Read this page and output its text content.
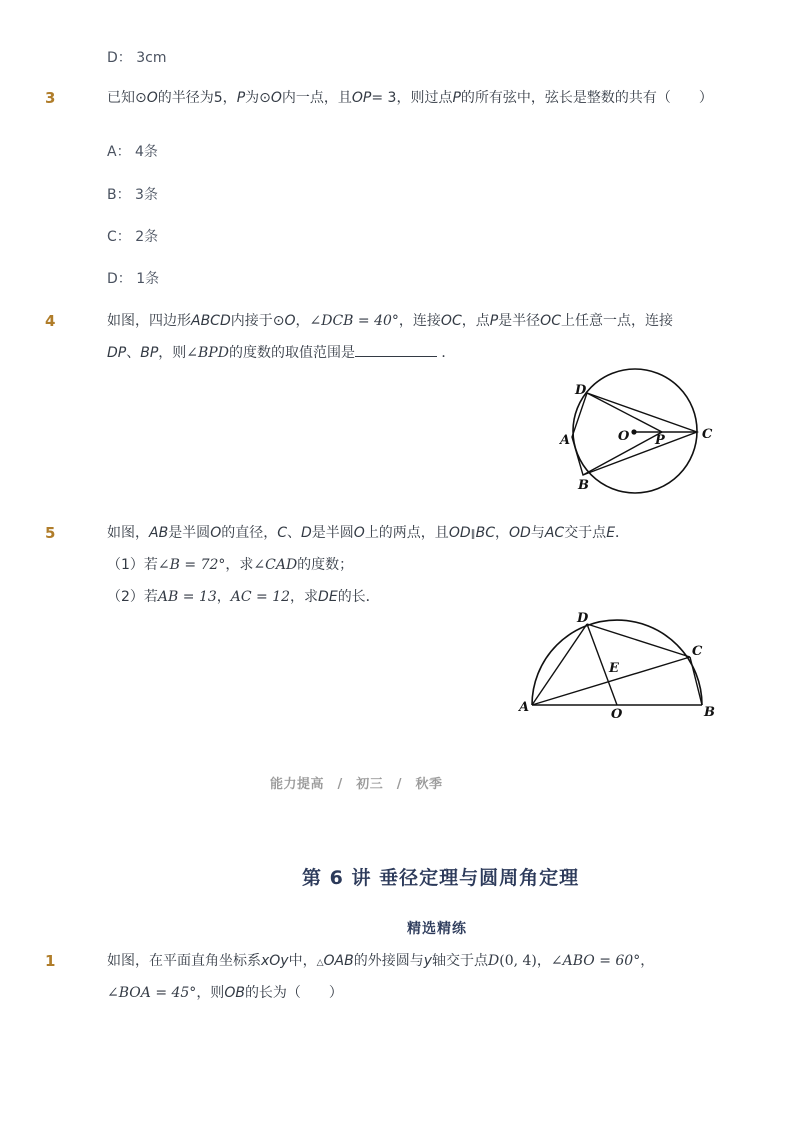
D： 3cm
3	已知⊙O的半径为5，P为⊙O内一点，且OP= 3，则过点P的所有弦中，弦长是整数的共有（　　）
A： 4条
B： 3条
C： 2条
D： 1条
4	如图，四边形ABCD内接于⊙O，∠DCB = 40°，连接OC，点P是半径OC上任意一点，连接
DP、BP，则∠BPD的度数的取值范围是	．
D
A
B
C
O P
5	如图，AB是半圆O的直径，C、D是半圆O上的两点，且OD∥BC，OD与AC交于点E．
（1）若∠B = 72°，求∠CAD的度数；
（2）若AB = 13，AC = 12，求DE的长．
D
C
E
A	O	B
能力提高　/　初三　/　秋季
第 6 讲 垂径定理与圆周角定理
精选精练
1	如图，在平面直角坐标系xOy中，△OAB的外接圆与y轴交于点D(0, 4)，∠ABO = 60°，
∠BOA = 45°，则OB的长为（　　）
